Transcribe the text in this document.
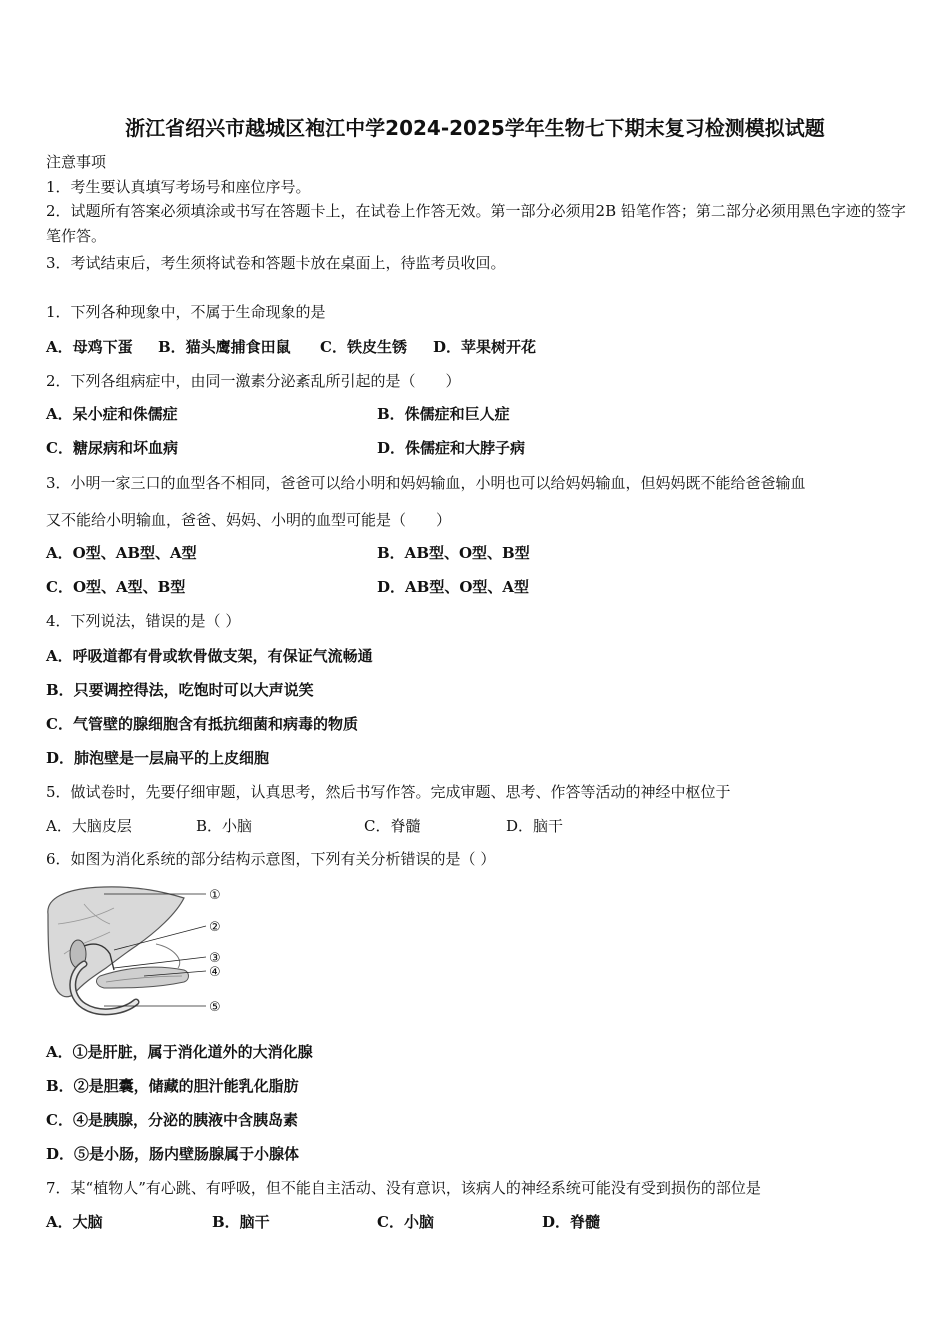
浙江省绍兴市越城区袍江中学2024-2025学年生物七下期末复习检测模拟试题
注意事项
1．考生要认真填写考场号和座位序号。
2．试题所有答案必须填涂或书写在答题卡上，在试卷上作答无效。第一部分必须用2B 铅笔作答；第二部分必须用黑色字迹的签字笔作答。
3．考试结束后，考生须将试卷和答题卡放在桌面上，待监考员收回。
1．下列各种现象中，不属于生命现象的是
A．母鸡下蛋 B．猫头鹰捕食田鼠 C．铁皮生锈 D．苹果树开花
2．下列各组病症中，由同一激素分泌紊乱所引起的是（　　）
A．呆小症和侏儒症	B．侏儒症和巨人症
C．糖尿病和坏血病	D．侏儒症和大脖子病
3．小明一家三口的血型各不相同，爸爸可以给小明和妈妈输血，小明也可以给妈妈输血，但妈妈既不能给爸爸输血
又不能给小明输血，爸爸、妈妈、小明的血型可能是（　　）
A．O型、AB型、A型	B．AB型、O型、B型
C．O型、A型、B型	D．AB型、O型、A型
4．下列说法，错误的是（ ）
A．呼吸道都有骨或软骨做支架，有保证气流畅通
B．只要调控得法，吃饱时可以大声说笑
C．气管壁的腺细胞含有抵抗细菌和病毒的物质
D．肺泡壁是一层扁平的上皮细胞
5．做试卷时，先要仔细审题，认真思考，然后书写作答。完成审题、思考、作答等活动的神经中枢位于
A．大脑皮层	B．小脑	C．脊髓	D．脑干
6．如图为消化系统的部分结构示意图，下列有关分析错误的是（ ）
①
②
③
④
⑤
A．①是肝脏，属于消化道外的大消化腺
B．②是胆囊，储藏的胆汁能乳化脂肪
C．④是胰腺，分泌的胰液中含胰岛素
D．⑤是小肠，肠内壁肠腺属于小腺体
7．某“植物人”有心跳、有呼吸，但不能自主活动、没有意识，该病人的神经系统可能没有受到损伤的部位是
A．大脑	B．脑干	C．小脑	D．脊髓
